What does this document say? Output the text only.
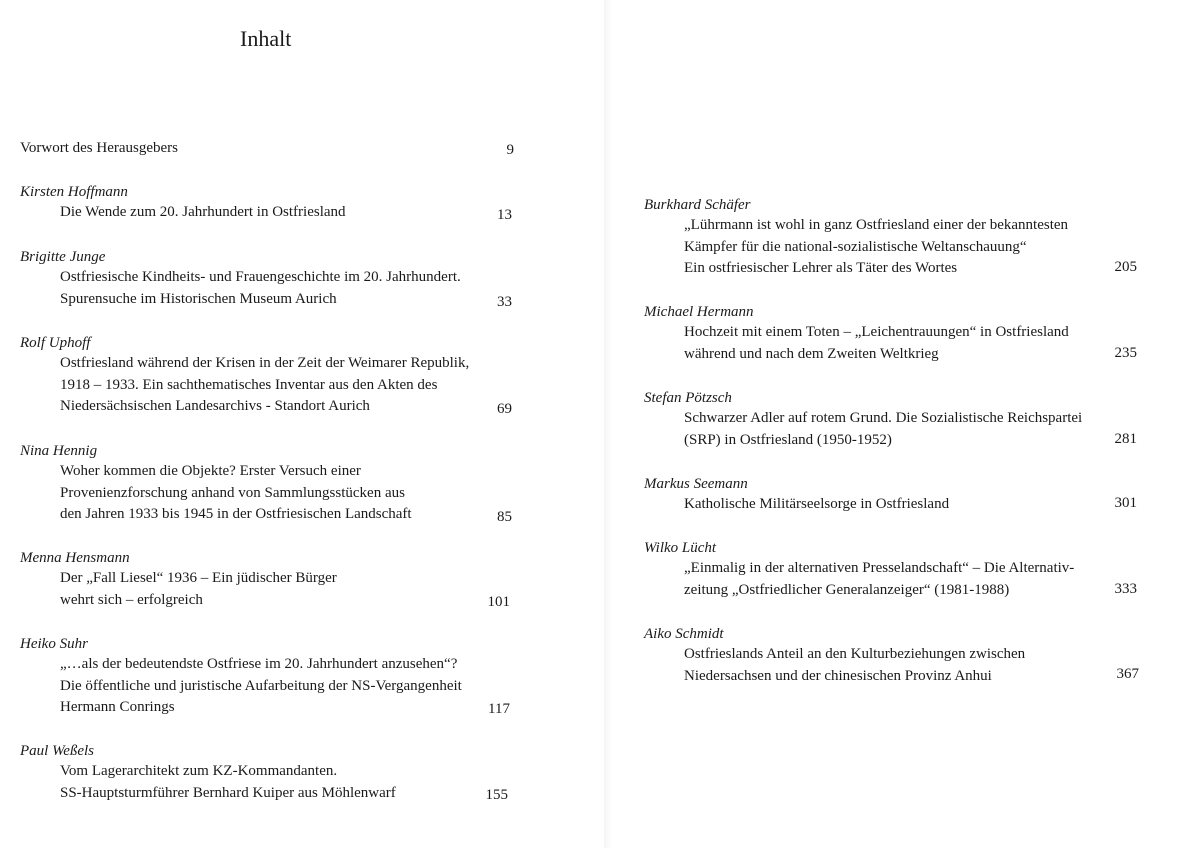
Inhalt
Vorwort des Herausgebers	9

Kirsten Hoffmann

Die Wende zum 20. Jahrhundert in Ostfriesland	13

Brigitte Junge

Ostfriesische Kindheits- und Frauengeschichte im 20. Jahrhundert.

Spurensuche im Historischen Museum Aurich	33

Rolf Uphoff

Ostfriesland während der Krisen in der Zeit der Weimarer Republik,

1918 – 1933. Ein sachthematisches Inventar aus den Akten des

Niedersächsischen Landesarchivs - Standort Aurich	69

Nina Hennig

Woher kommen die Objekte? Erster Versuch einer

Provenienzforschung anhand von Sammlungsstücken aus

den Jahren 1933 bis 1945 in der Ostfriesischen Landschaft	85

Menna Hensmann

Der „Fall Liesel“ 1936 – Ein jüdischer Bürger

wehrt sich – erfolgreich	101

Heiko Suhr

„…als der bedeutendste Ostfriese im 20. Jahrhundert anzusehen“?

Die öffentliche und juristische Aufarbeitung der NS-Vergangenheit

Hermann Conrings	117

Paul Weßels

Vom Lagerarchitekt zum KZ-Kommandanten.

SS-Hauptsturmführer Bernhard Kuiper aus Möhlenwarf	155

Burkhard Schäfer

„Lührmann ist wohl in ganz Ostfriesland einer der bekanntesten

Kämpfer für die national-sozialistische Weltanschauung“

Ein ostfriesischer Lehrer als Täter des Wortes	205

Michael Hermann

Hochzeit mit einem Toten – „Leichentrauungen“ in Ostfriesland

während und nach dem Zweiten Weltkrieg	235

Stefan Pötzsch

Schwarzer Adler auf rotem Grund. Die Sozialistische Reichspartei

(SRP) in Ostfriesland (1950-1952)	281

Markus Seemann

Katholische Militärseelsorge in Ostfriesland	301

Wilko Lücht

„Einmalig in der alternativen Presselandschaft“ – Die Alternativ-

zeitung „Ostfriedlicher Generalanzeiger“ (1981-1988)	333

Aiko Schmidt

Ostfrieslands Anteil an den Kulturbeziehungen zwischen

Niedersachsen und der chinesischen Provinz Anhui	367
